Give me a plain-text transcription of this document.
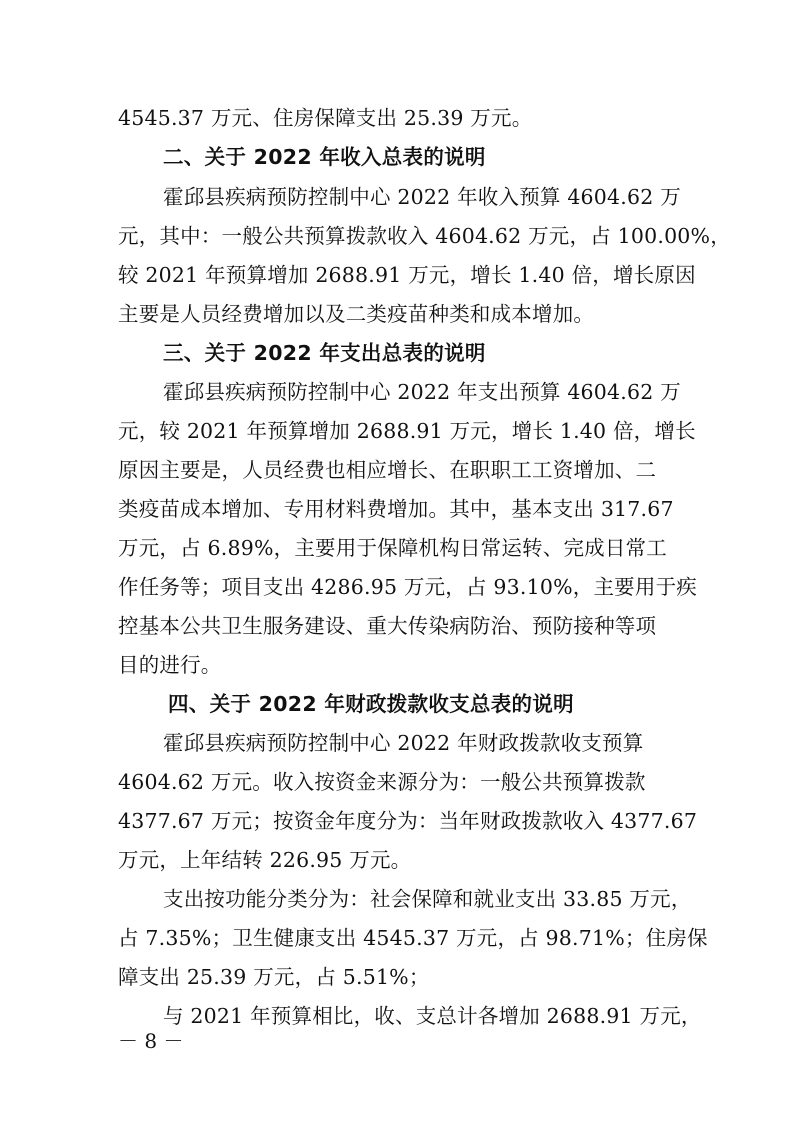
4545.37 万元、住房保障支出 25.39 万元。
二、关于 2022 年收入总表的说明
霍邱县疾病预防控制中心 2022 年收入预算 4604.62 万
元，其中：一般公共预算拨款收入 4604.62 万元，占 100.00%，
较 2021 年预算增加 2688.91 万元，增长 1.40 倍，增长原因
主要是人员经费增加以及二类疫苗种类和成本增加。
三、关于 2022 年支出总表的说明
霍邱县疾病预防控制中心 2022 年支出预算 4604.62 万
元，较 2021 年预算增加 2688.91 万元，增长 1.40 倍，增长
原因主要是，人员经费也相应增长、在职职工工资增加、二
类疫苗成本增加、专用材料费增加。其中，基本支出 317.67
万元，占 6.89%，主要用于保障机构日常运转、完成日常工
作任务等；项目支出 4286.95 万元，占 93.10%，主要用于疾
控基本公共卫生服务建设、重大传染病防治、预防接种等项
目的进行。
四、关于 2022 年财政拨款收支总表的说明
霍邱县疾病预防控制中心 2022 年财政拨款收支预算
4604.62 万元。收入按资金来源分为：一般公共预算拨款
4377.67 万元；按资金年度分为：当年财政拨款收入 4377.67
万元，上年结转 226.95 万元。
支出按功能分类分为：社会保障和就业支出 33.85 万元，
占 7.35%；卫生健康支出 4545.37 万元，占 98.71%；住房保
障支出 25.39 万元，占 5.51%；
与 2021 年预算相比，收、支总计各增加 2688.91 万元，
－ 8 －
